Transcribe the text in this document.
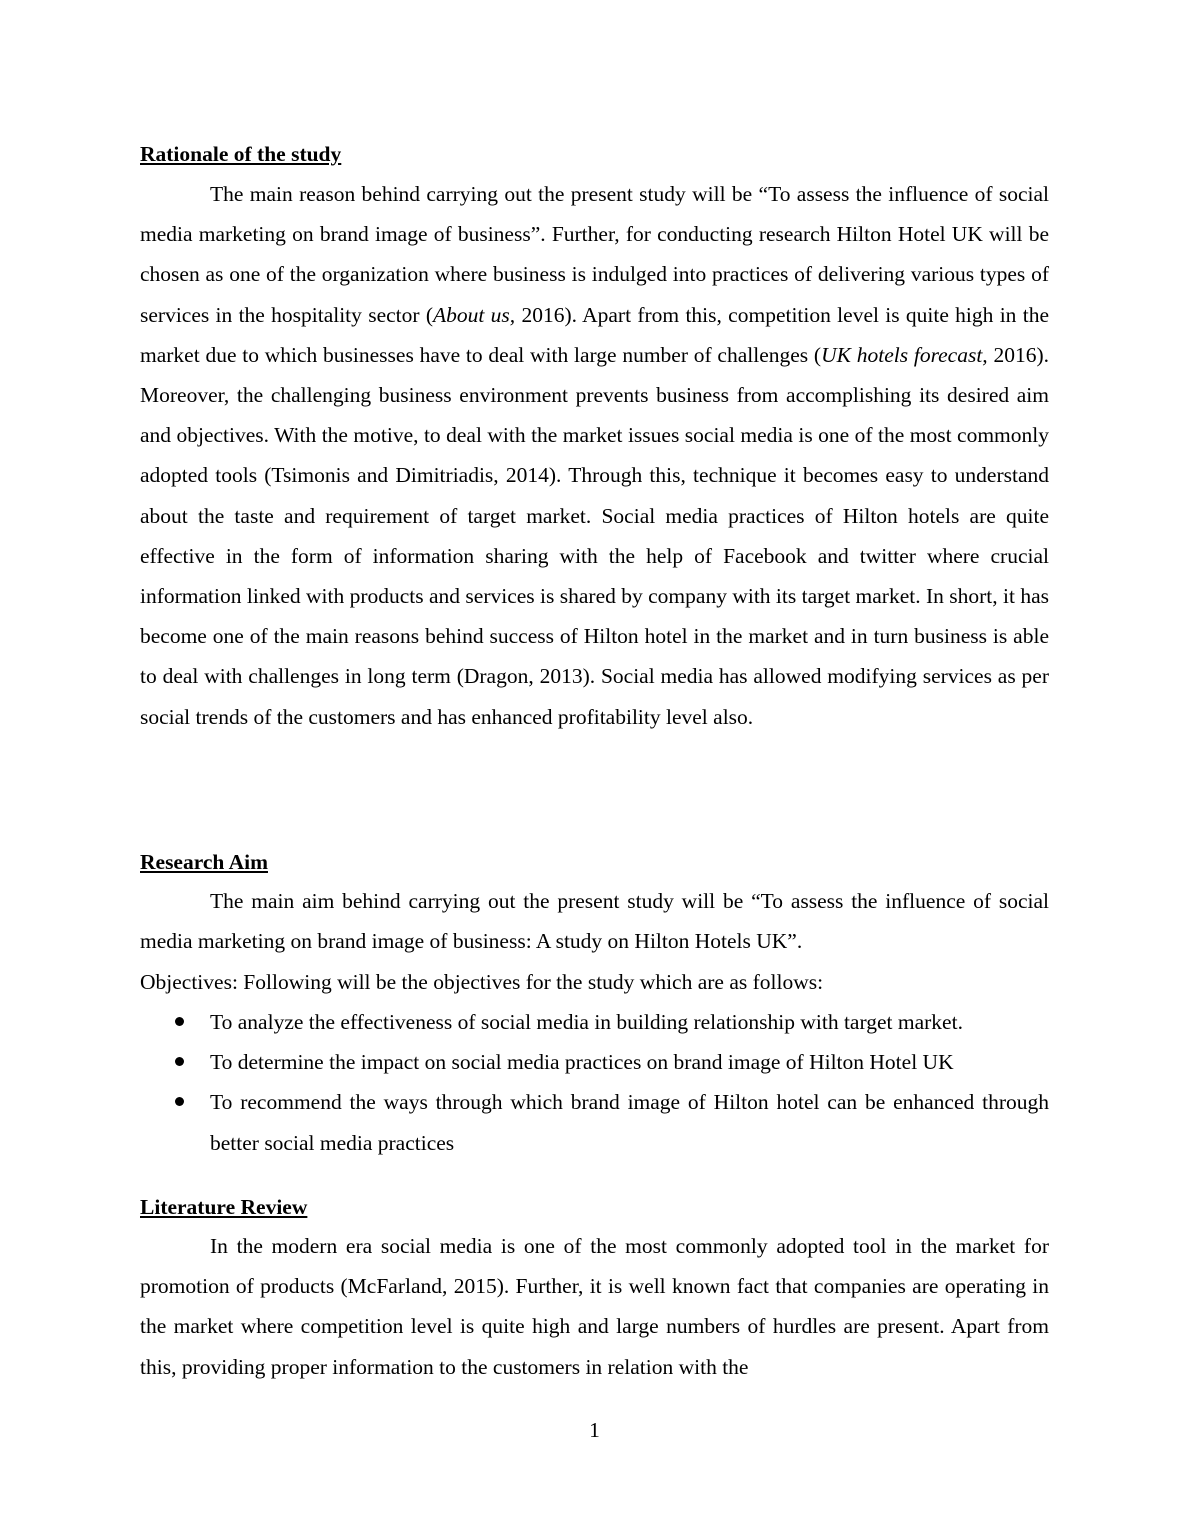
Rationale of the study

The main reason behind carrying out the present study will be “To assess the influence of social media marketing on brand image of business”. Further, for conducting research Hilton Hotel UK will be chosen as one of the organization where business is indulged into practices of delivering various types of services in the hospitality sector (About us, 2016). Apart from this, competition level is quite high in the market due to which businesses have to deal with large number of challenges (UK hotels forecast, 2016). Moreover, the challenging business environment prevents business from accomplishing its desired aim and objectives. With the motive, to deal with the market issues social media is one of the most commonly adopted tools (Tsimonis and Dimitriadis, 2014). Through this, technique it becomes easy to understand about the taste and requirement of target market. Social media practices of Hilton hotels are quite effective in the form of information sharing with the help of Facebook and twitter where crucial information linked with products and services is shared by company with its target market. In short, it has become one of the main reasons behind success of Hilton hotel in the market and in turn business is able to deal with challenges in long term (Dragon, 2013). Social media has allowed modifying services as per social trends of the customers and has enhanced profitability level also.

Research Aim

The main aim behind carrying out the present study will be “To assess the influence of social media marketing on brand image of business: A study on Hilton Hotels UK”.

Objectives: Following will be the objectives for the study which are as follows:

To analyze the effectiveness of social media in building relationship with target market.
To determine the impact on social media practices on brand image of Hilton Hotel UK
To recommend the ways through which brand image of Hilton hotel can be enhanced through better social media practices
Literature Review

In the modern era social media is one of the most commonly adopted tool in the market for promotion of products (McFarland, 2015). Further, it is well known fact that companies are operating in the market where competition level is quite high and large numbers of hurdles are present. Apart from this, providing proper information to the customers in relation with the

1
